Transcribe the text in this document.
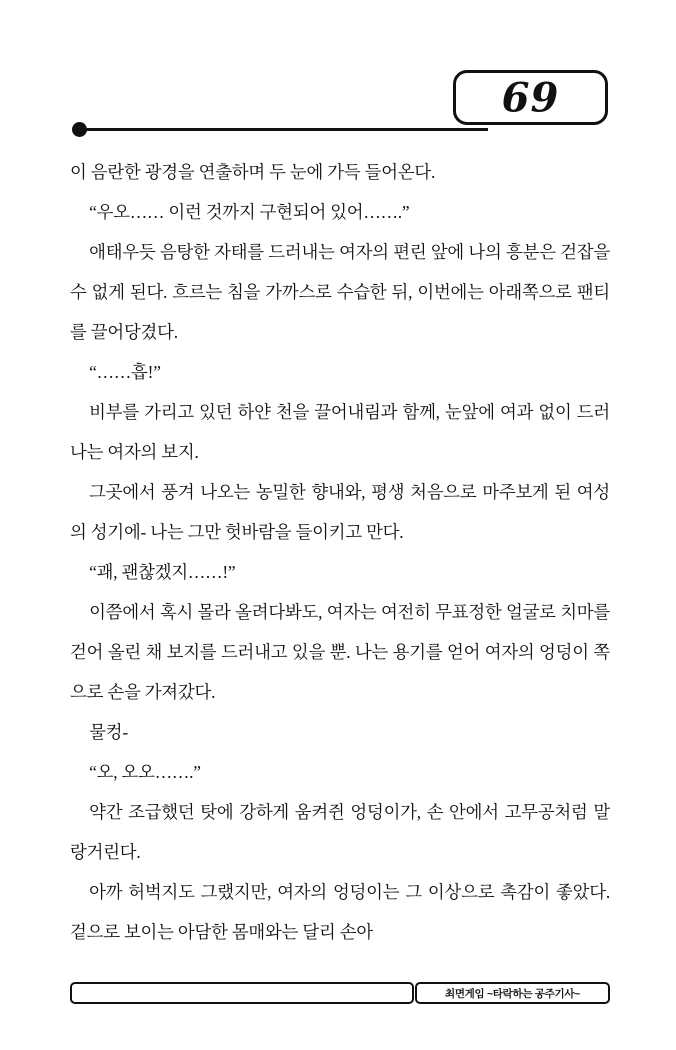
69

이 음란한 광경을 연출하며 두 눈에 가득 들어온다.

“우오…… 이런 것까지 구현되어 있어…….”

애태우듯 음탕한 자태를 드러내는 여자의 편린 앞에 나의 흥분은 걷잡을 수 없게 된다. 흐르는 침을 가까스로 수습한 뒤, 이번에는 아래쪽으로 팬티를 끌어당겼다.

“……흡!”

비부를 가리고 있던 하얀 천을 끌어내림과 함께, 눈앞에 여과 없이 드러나는 여자의 보지.

그곳에서 풍겨 나오는 농밀한 향내와, 평생 처음으로 마주보게 된 여성의 성기에- 나는 그만 헛바람을 들이키고 만다.

“괘, 괜찮겠지……!”

이쯤에서 혹시 몰라 올려다봐도, 여자는 여전히 무표정한 얼굴로 치마를 걷어 올린 채 보지를 드러내고 있을 뿐. 나는 용기를 얻어 여자의 엉덩이 쪽으로 손을 가져갔다.

물컹-

“오, 오오…….”

약간 조급했던 탓에 강하게 움켜쥔 엉덩이가, 손 안에서 고무공처럼 말랑거린다.

아까 허벅지도 그랬지만, 여자의 엉덩이는 그 이상으로 촉감이 좋았다. 겉으로 보이는 아담한 몸매와는 달리 손아

최면게임 ~타락하는 공주기사~
